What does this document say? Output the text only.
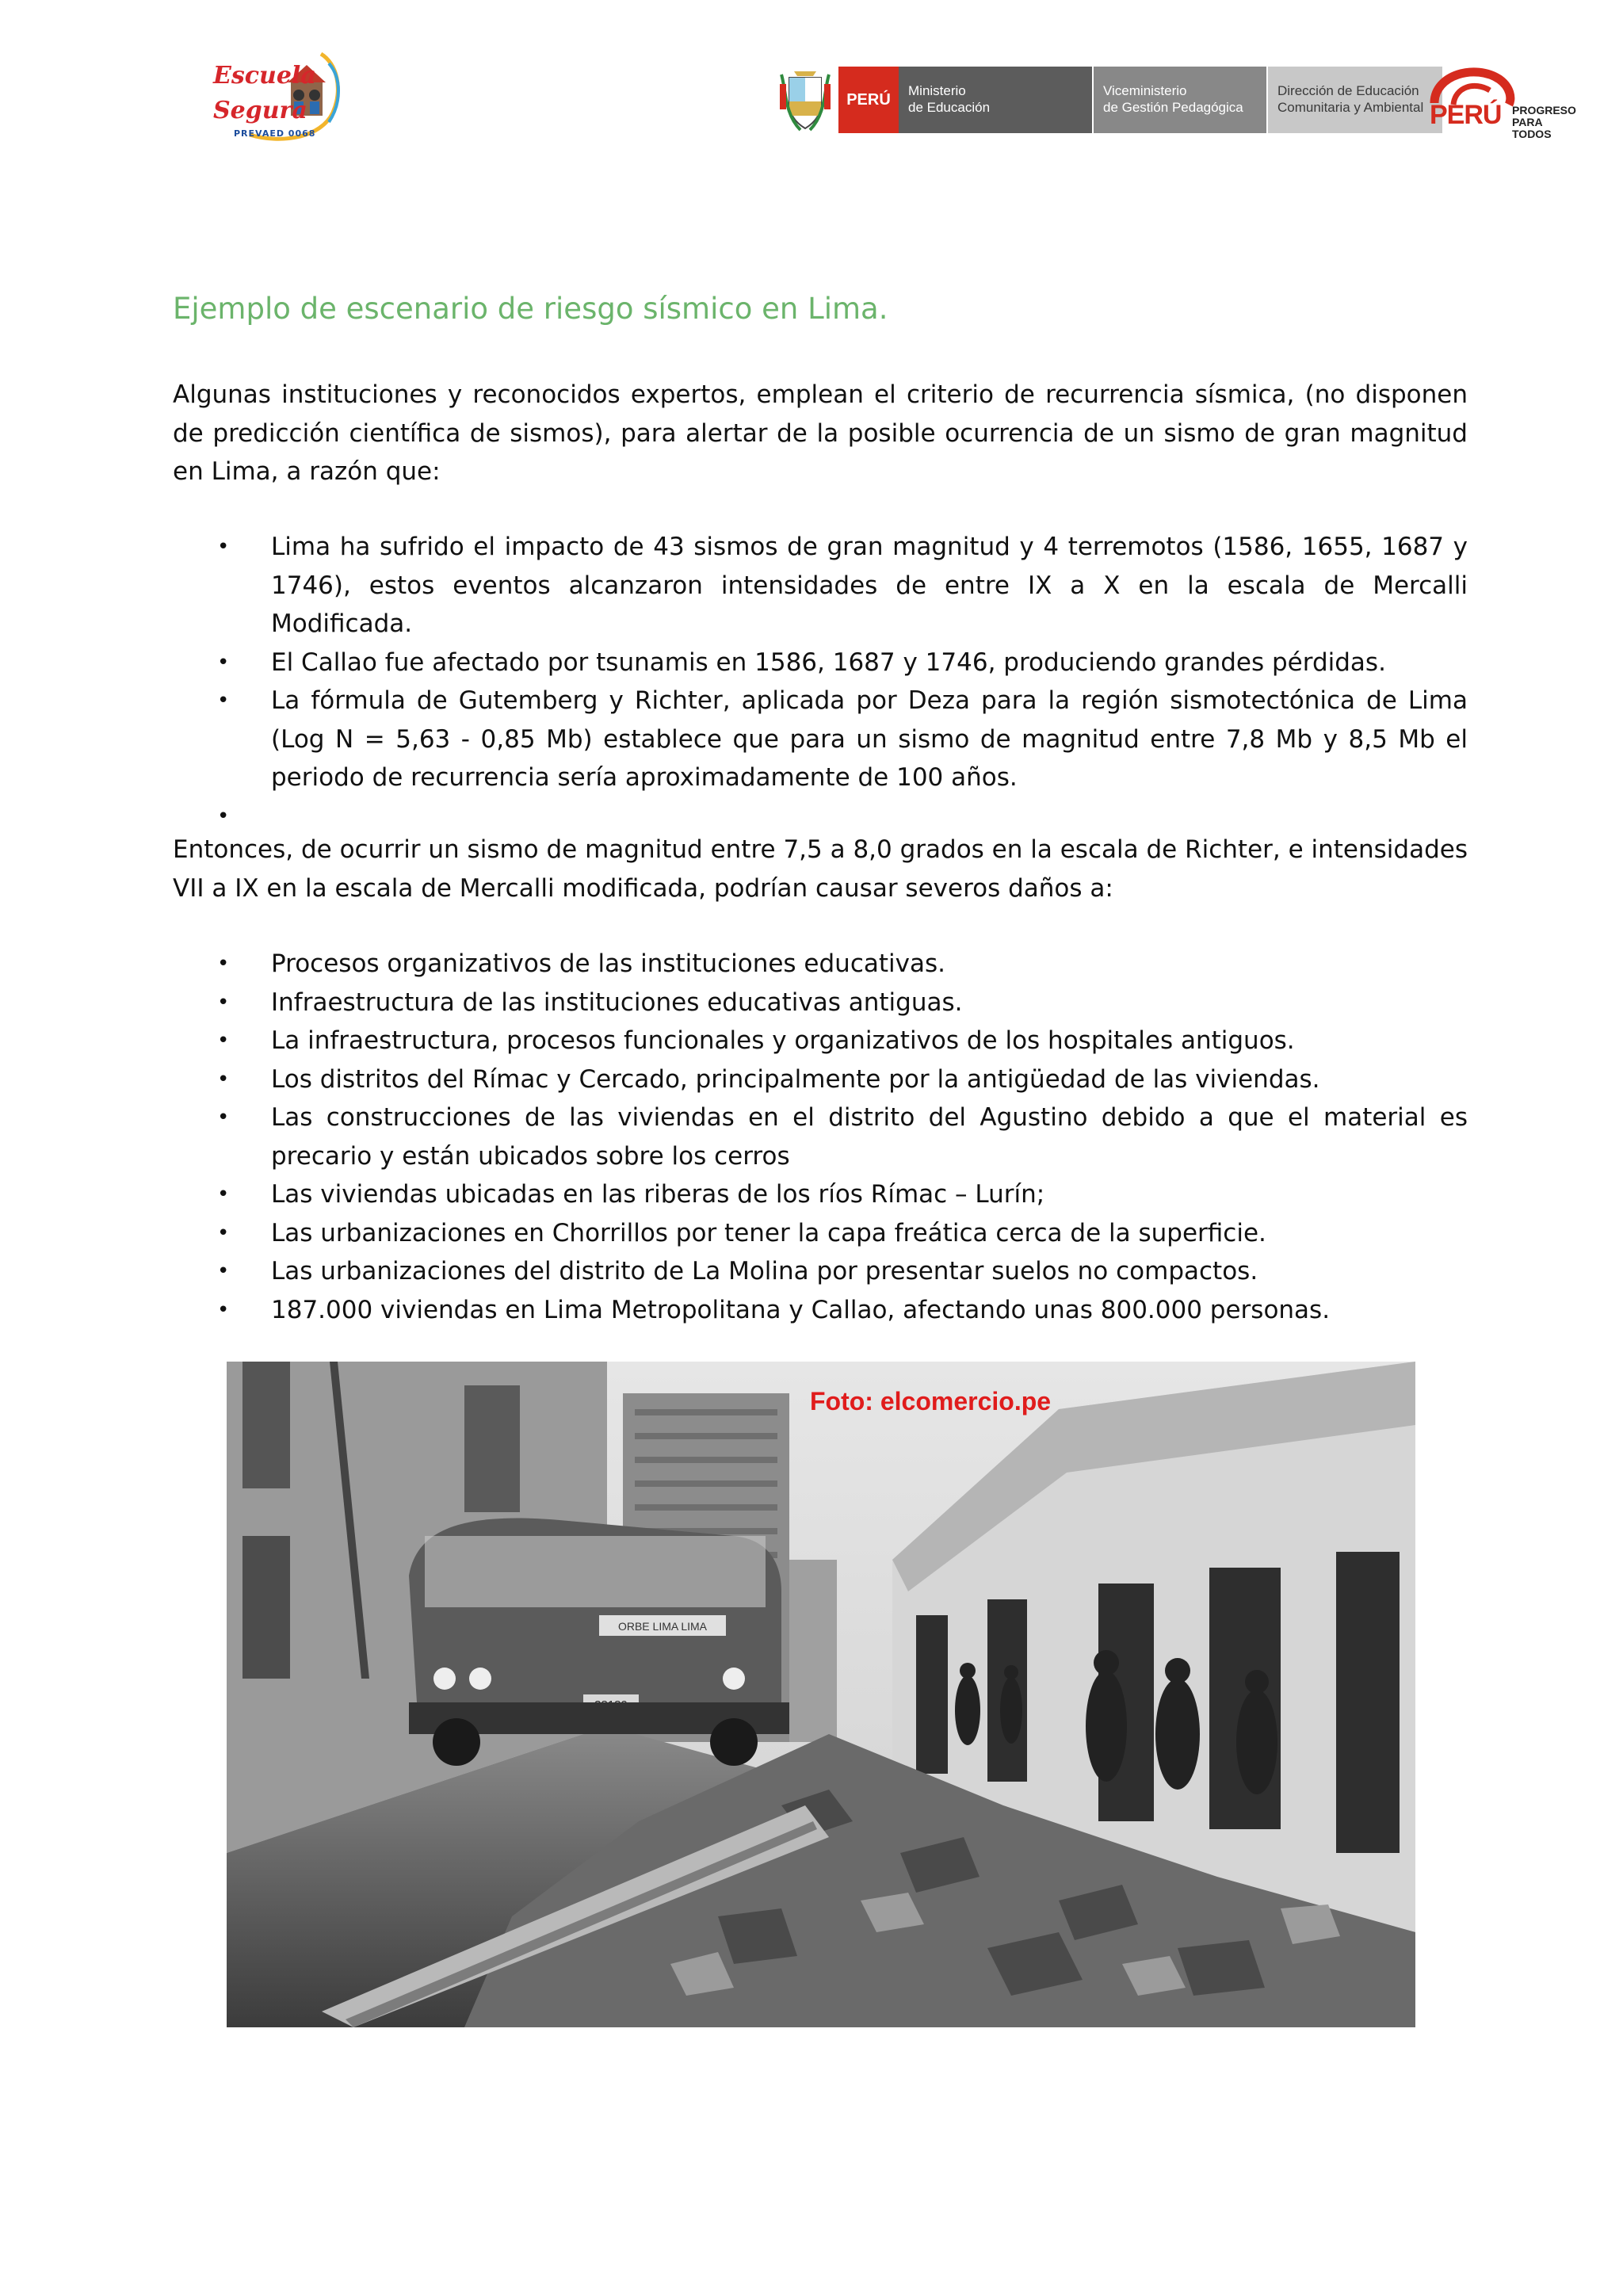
Escuela
Segura
PREVAED 0068
PERÚ	Ministerio
de Educación
Viceministerio
de Gestión Pedagógica
Dirección de Educación
Comunitaria y Ambiental PERÚ PROGRESO
PARA TODOS
Ejemplo de escenario de riesgo sísmico en Lima.

Algunas instituciones y reconocidos expertos, emplean el criterio de recurrencia sísmica, (no disponen de predicción científica de sismos), para alertar de la posible ocurrencia de un sismo de gran magnitud en Lima, a razón que:

• Lima ha sufrido el impacto de 43 sismos de gran magnitud y 4 terremotos (1586, 1655, 1687 y 1746), estos eventos alcanzaron intensidades de entre IX a X en la escala de Mercalli Modificada.
• El Callao fue afectado por tsunamis en 1586, 1687 y 1746, produciendo grandes pérdidas.
• La fórmula de Gutemberg y Richter, aplicada por Deza para la región sismotectónica de Lima (Log N = 5,63 - 0,85 Mb) establece que para un sismo de magnitud entre 7,8 Mb y 8,5 Mb el periodo de recurrencia sería aproximadamente de 100 años.
•

Entonces, de ocurrir un sismo de magnitud entre 7,5 a 8,0 grados en la escala de Richter, e intensidades VII a IX en la escala de Mercalli modificada, podrían causar severos daños a:

• Procesos organizativos de las instituciones educativas.
• Infraestructura de las instituciones educativas antiguas.
• La infraestructura, procesos funcionales y organizativos de los hospitales antiguos.
• Los distritos del Rímac y Cercado, principalmente por la antigüedad de las viviendas.
• Las construcciones de las viviendas en el distrito del Agustino debido a que el material es precario y están ubicados sobre los cerros
• Las viviendas ubicadas en las riberas de los ríos Rímac – Lurín;
• Las urbanizaciones en Chorrillos por tener la capa freática cerca de la superficie.
• Las urbanizaciones del distrito de La Molina por presentar suelos no compactos.
• 187.000 viviendas en Lima Metropolitana y Callao, afectando unas 800.000 personas.
ORBE LIMA LIMA
Foto: elcomercio.pe
